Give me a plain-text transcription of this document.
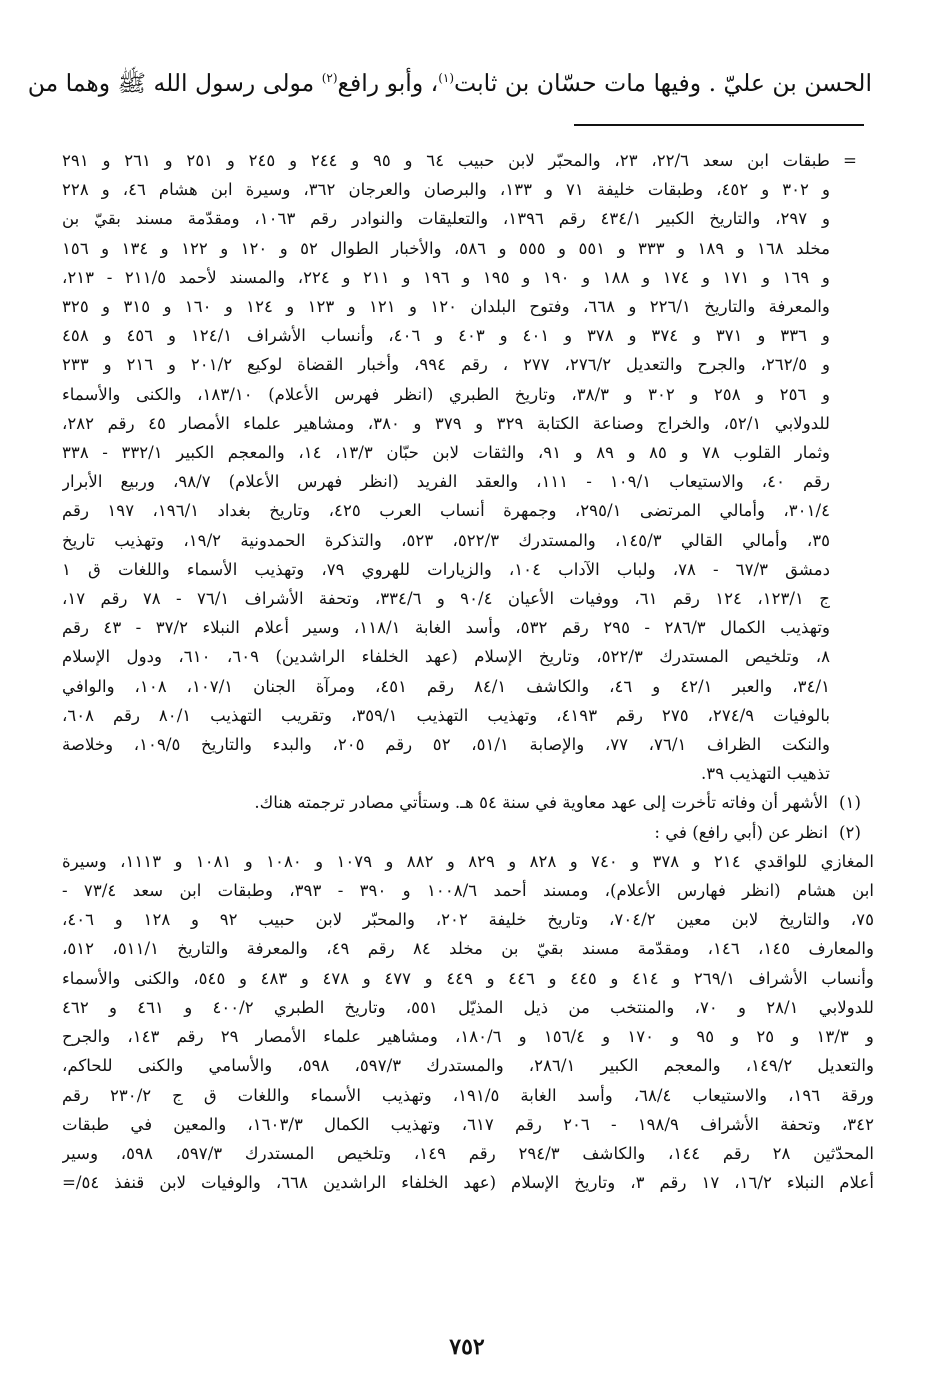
الحسن بن عليّ . وفيها مات حسّان بن ثابت$^{(١)}$، وأبو رافع$^{(٢)}$ مولى رسول الله ﷺ وهما من
=
طبقات ابن سعد ٢٢/٦، ٢٣، والمحبّر لابن حبيب ٦٤ و ٩٥ و ٢٤٤ و ٢٤٥ و ٢٥١ و ٢٦١ و ٢٩١
و ٣٠٢ و ٤٥٢، وطبقات خليفة ٧١ و ١٣٣، والبرصان والعرجان ٣٦٢، وسيرة ابن هشام ٤٦، و ٢٢٨
و ٢٩٧، والتاريخ الكبير ٤٣٤/١ رقم ١٣٩٦، والتعليقات والنوادر رقم ١٠٦٣، ومقدّمة مسند بقيّ بن
مخلد ١٦٨ و ١٨٩ و ٣٣٣ و ٥٥١ و ٥٥٥ و ٥٨٦، والأخبار الطوال ٥٢ و ١٢٠ و ١٢٢ و ١٣٤ و ١٥٦
و ١٦٩ و ١٧١ و ١٧٤ و ١٨٨ و ١٩٠ و ١٩٥ و ١٩٦ و ٢١١ و ٢٢٤، والمسند لأحمد ٢١١/٥ - ٢١٣،
والمعرفة والتاريخ ٢٢٦/١ و ٦٦٨، وفتوح البلدان ١٢٠ و ١٢١ و ١٢٣ و ١٢٤ و ١٦٠ و ٣١٥ و ٣٢٥
و ٣٣٦ و ٣٧١ و ٣٧٤ و ٣٧٨ و ٤٠١ و ٤٠٣ و ٤٠٦، وأنساب الأشراف ١٢٤/١ و ٤٥٦ و ٤٥٨
و ٢٦٢/٥، والجرح والتعديل ٢٧٦/٢، ٢٧٧ ، رقم ٩٩٤، وأخبار القضاة لوكيع ٢٠١/٢ و ٢١٦ و ٢٣٣
و ٢٥٦ و ٢٥٨ و ٣٠٢ و ٣٨/٣، وتاريخ الطبري (انظر فهرس الأعلام) ١٨٣/١٠، والكنى والأسماء
للدولابي ٥٢/١، والخراج وصناعة الكتابة ٣٢٩ و ٣٧٩ و ٣٨٠، ومشاهير علماء الأمصار ٤٥ رقم ٢٨٢،
وثمار القلوب ٧٨ و ٨٥ و ٨٩ و ٩١، والثقات لابن حبّان ١٣/٣، ١٤، والمعجم الكبير ٣٣٢/١ - ٣٣٨
رقم ٤٠، والاستيعاب ١٠٩/١ - ١١١، والعقد الفريد (انظر فهرس الأعلام) ٩٨/٧، وربيع الأبرار
٣٠١/٤، وأمالي المرتضى ٢٩٥/١، وجمهرة أنساب العرب ٤٢٥، وتاريخ بغداد ١٩٦/١، ١٩٧ رقم
٣٥، وأمالي القالي ١٤٥/٣، والمستدرك ٥٢٢/٣، ٥٢٣، والتذكرة الحمدونية ١٩/٢، وتهذيب تاريخ
دمشق ٦٧/٣ - ٧٨، ولباب الآداب ١٠٤، والزيارات للهروي ٧٩، وتهذيب الأسماء واللغات ق ١
ج ١٢٣/١، ١٢٤ رقم ٦١، ووفيات الأعيان ٩٠/٤ و ٣٣٤/٦، وتحفة الأشراف ٧٦/١ - ٧٨ رقم ١٧،
وتهذيب الكمال ٢٨٦/٣ - ٢٩٥ رقم ٥٣٢، وأسد الغابة ١١٨/١، وسير أعلام النبلاء ٣٧/٢ - ٤٣ رقم
٨، وتلخيص المستدرك ٥٢٢/٣، وتاريخ الإسلام (عهد الخلفاء الراشدين) ٦٠٩، ٦١٠، ودول الإسلام
٣٤/١، والعبر ٤٢/١ و ٤٦، والكاشف ٨٤/١ رقم ٤٥١، ومرآة الجنان ١٠٧/١، ١٠٨، والوافي
بالوفيات ٢٧٤/٩، ٢٧٥ رقم ٤١٩٣، وتهذيب التهذيب ٣٥٩/١، وتقريب التهذيب ٨٠/١ رقم ٦٠٨،
والنكت الظراف ٧٦/١، ٧٧، والإصابة ٥١/١، ٥٢ رقم ٢٠٥، والبدء والتاريخ ١٠٩/٥، وخلاصة
تذهيب التهذيب ٣٩.
(١)
الأشهر أن وفاته تأخرت إلى عهد معاوية في سنة ٥٤ هـ. وستأتي مصادر ترجمته هناك.
(٢)
انظر عن (أبي رافع) في :
المغازي للواقدي ٢١٤ و ٣٧٨ و ٧٤٠ و ٨٢٨ و ٨٢٩ و ٨٨٢ و ١٠٧٩ و ١٠٨٠ و ١٠٨١ و ١١١٣، وسيرة
ابن هشام (انظر فهارس الأعلام)، ومسند أحمد ١٠٠٨/٦ و ٣٩٠ - ٣٩٣، وطبقات ابن سعد ٧٣/٤ -
٧٥، والتاريخ لابن معين ٧٠٤/٢، وتاريخ خليفة ٢٠٢، والمحبّر لابن حبيب ٩٢ و ١٢٨ و ٤٠٦،
والمعارف ١٤٥، ١٤٦، ومقدّمة مسند بقيّ بن مخلد ٨٤ رقم ٤٩، والمعرفة والتاريخ ٥١١/١، ٥١٢،
وأنساب الأشراف ٢٦٩/١ و ٤١٤ و ٤٤٥ و ٤٤٦ و ٤٤٩ و ٤٧٧ و ٤٧٨ و ٤٨٣ و ٥٤٥، والكنى والأسماء
للدولابي ٢٨/١ و ٧٠، والمنتخب من ذيل المذيّل ٥٥١، وتاريخ الطبري ٤٠٠/٢ و ٤٦١ و ٤٦٢
و ١٣/٣ و ٢٥ و ٩٥ و ١٧٠ و ١٥٦/٤ و ١٨٠/٦، ومشاهير علماء الأمصار ٢٩ رقم ١٤٣، والجرح
والتعديل ١٤٩/٢، والمعجم الكبير ٢٨٦/١، والمستدرك ٥٩٧/٣، ٥٩٨، والأسامي والكنى للحاكم،
ورقة ١٩٦، والاستيعاب ٦٨/٤، وأسد الغابة ١٩١/٥، وتهذيب الأسماء واللغات ق ج ٢٣٠/٢ رقم
٣٤٢، وتحفة الأشراف ١٩٨/٩ - ٢٠٦ رقم ٦١٧، وتهذيب الكمال ١٦٠٣/٣، والمعين في طبقات
المحدّثين ٢٨ رقم ١٤٤، والكاشف ٢٩٤/٣ رقم ١٤٩، وتلخيص المستدرك ٥٩٧/٣، ٥٩٨، وسير
أعلام النبلاء ١٦/٢، ١٧ رقم ٣، وتاريخ الإسلام (عهد الخلفاء الراشدين ٦٦٨، والوفيات لابن قنفذ ٥٤/=
٧٥٢
